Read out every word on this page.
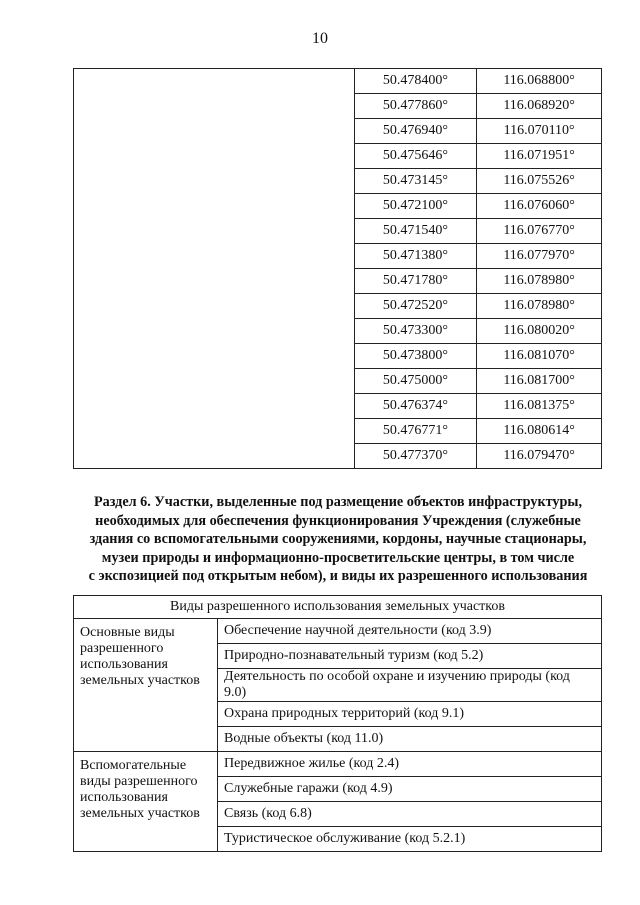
10
	50.478400°	116.068800°
	50.477860°	116.068920°
	50.476940°	116.070110°
	50.475646°	116.071951°
	50.473145°	116.075526°
	50.472100°	116.076060°
	50.471540°	116.076770°
	50.471380°	116.077970°
	50.471780°	116.078980°
	50.472520°	116.078980°
	50.473300°	116.080020°
	50.473800°	116.081070°
	50.475000°	116.081700°
	50.476374°	116.081375°
	50.476771°	116.080614°
	50.477370°	116.079470°
Раздел 6. Участки, выделенные под размещение объектов инфраструктуры,
необходимых для обеспечения функционирования Учреждения (служебные
здания со вспомогательными сооружениями, кордоны, научные стационары,
музеи природы и информационно-просветительские центры, в том числе
с экспозицией под открытым небом), и виды их разрешенного использования
Виды разрешенного использования земельных участков	
Основные виды разрешенного использования земельных участков	Обеспечение научной деятельности (код 3.9)
	Природно-познавательный туризм (код 5.2)
	Деятельность по особой охране и изучению природы (код 9.0)
	Охрана природных территорий (код 9.1)
	Водные объекты (код 11.0)
Вспомогательные виды разрешенного использования земельных участков	Передвижное жилье (код 2.4)
	Служебные гаражи (код 4.9)
	Связь (код 6.8)
	Туристическое обслуживание (код 5.2.1)
